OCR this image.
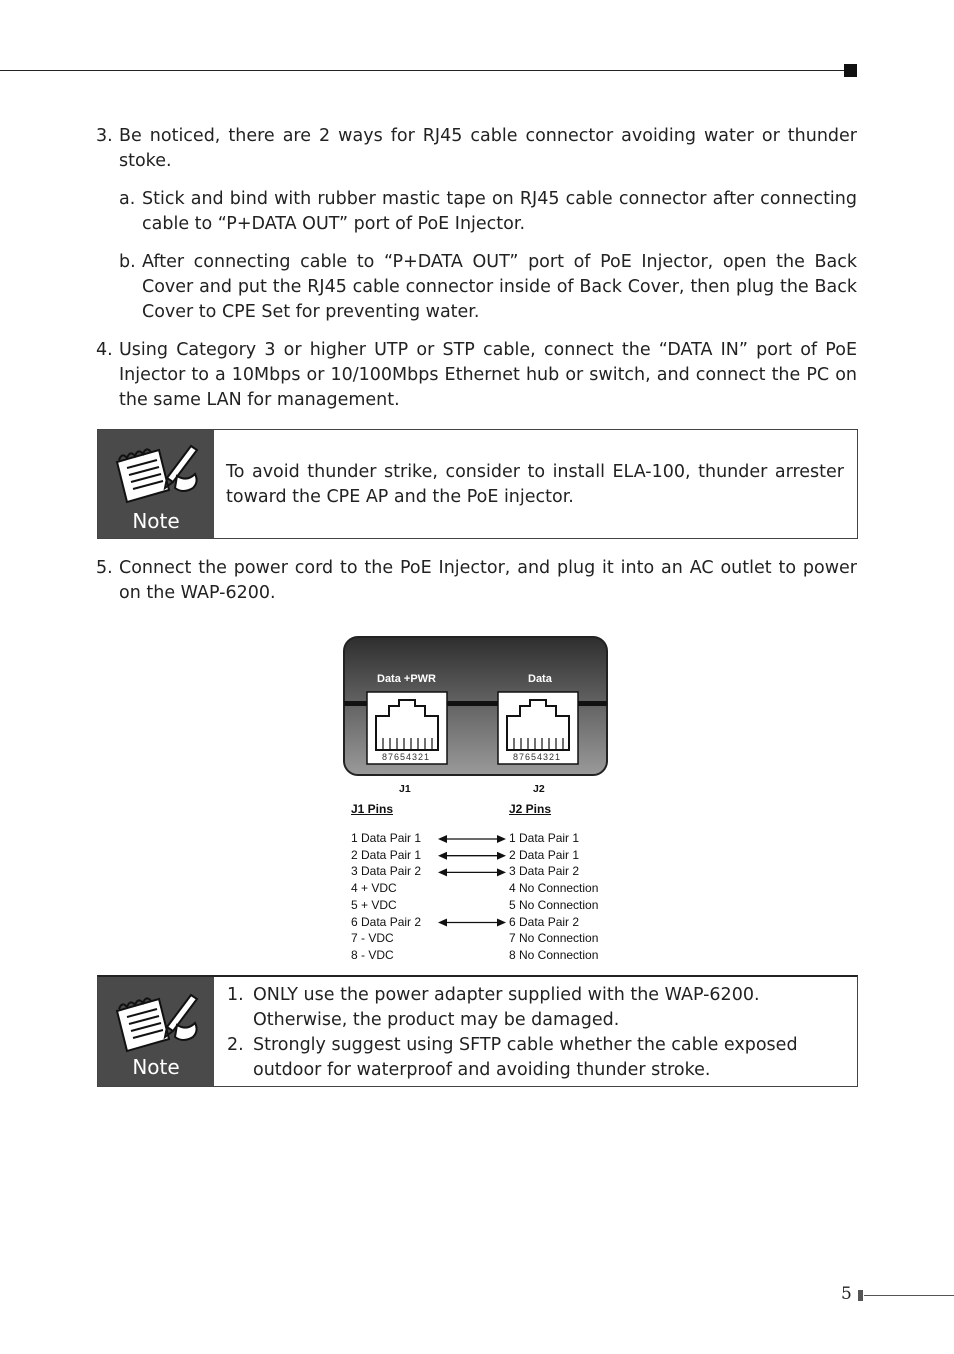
3. Be noticed, there are 2 ways for RJ45 cable connector avoiding water or thunder stoke.
a. Stick and bind with rubber mastic tape on RJ45 cable connector after connecting cable to “P+DATA OUT” port of PoE Injector.
b. After connecting cable to “P+DATA OUT” port of PoE Injector, open the Back Cover and put the RJ45 cable connector inside of Back Cover, then plug the Back Cover to CPE Set for preventing water.
4. Using Category 3 or higher UTP or STP cable, connect the “DATA IN” port of PoE Injector to a 10Mbps or 10/100Mbps Ethernet hub or switch, and connect the PC on the same LAN for management.
Note
To avoid thunder strike, consider to install ELA-100, thunder arrester toward the CPE AP and the PoE injector.
5. Connect the power cord to the PoE Injector, and plug it into an AC outlet to power on the WAP-6200.
Data +PWR	Data
87654321	87654321
J1	J2
J1 Pins	J2 Pins
1 Data Pair 1	1 Data Pair 1
2 Data Pair 1	2 Data Pair 1
3 Data Pair 2	3 Data Pair 2
4 + VDC	4 No Connection
5 + VDC	5 No Connection
6 Data Pair 2	6 Data Pair 2
7 - VDC	7 No Connection
8 - VDC	8 No Connection
Note
1. ONLY use the power adapter supplied with the WAP-6200.
Otherwise, the product may be damaged.
2. Strongly suggest using SFTP cable whether the cable exposed
outdoor for waterproof and avoiding thunder stroke.
5
